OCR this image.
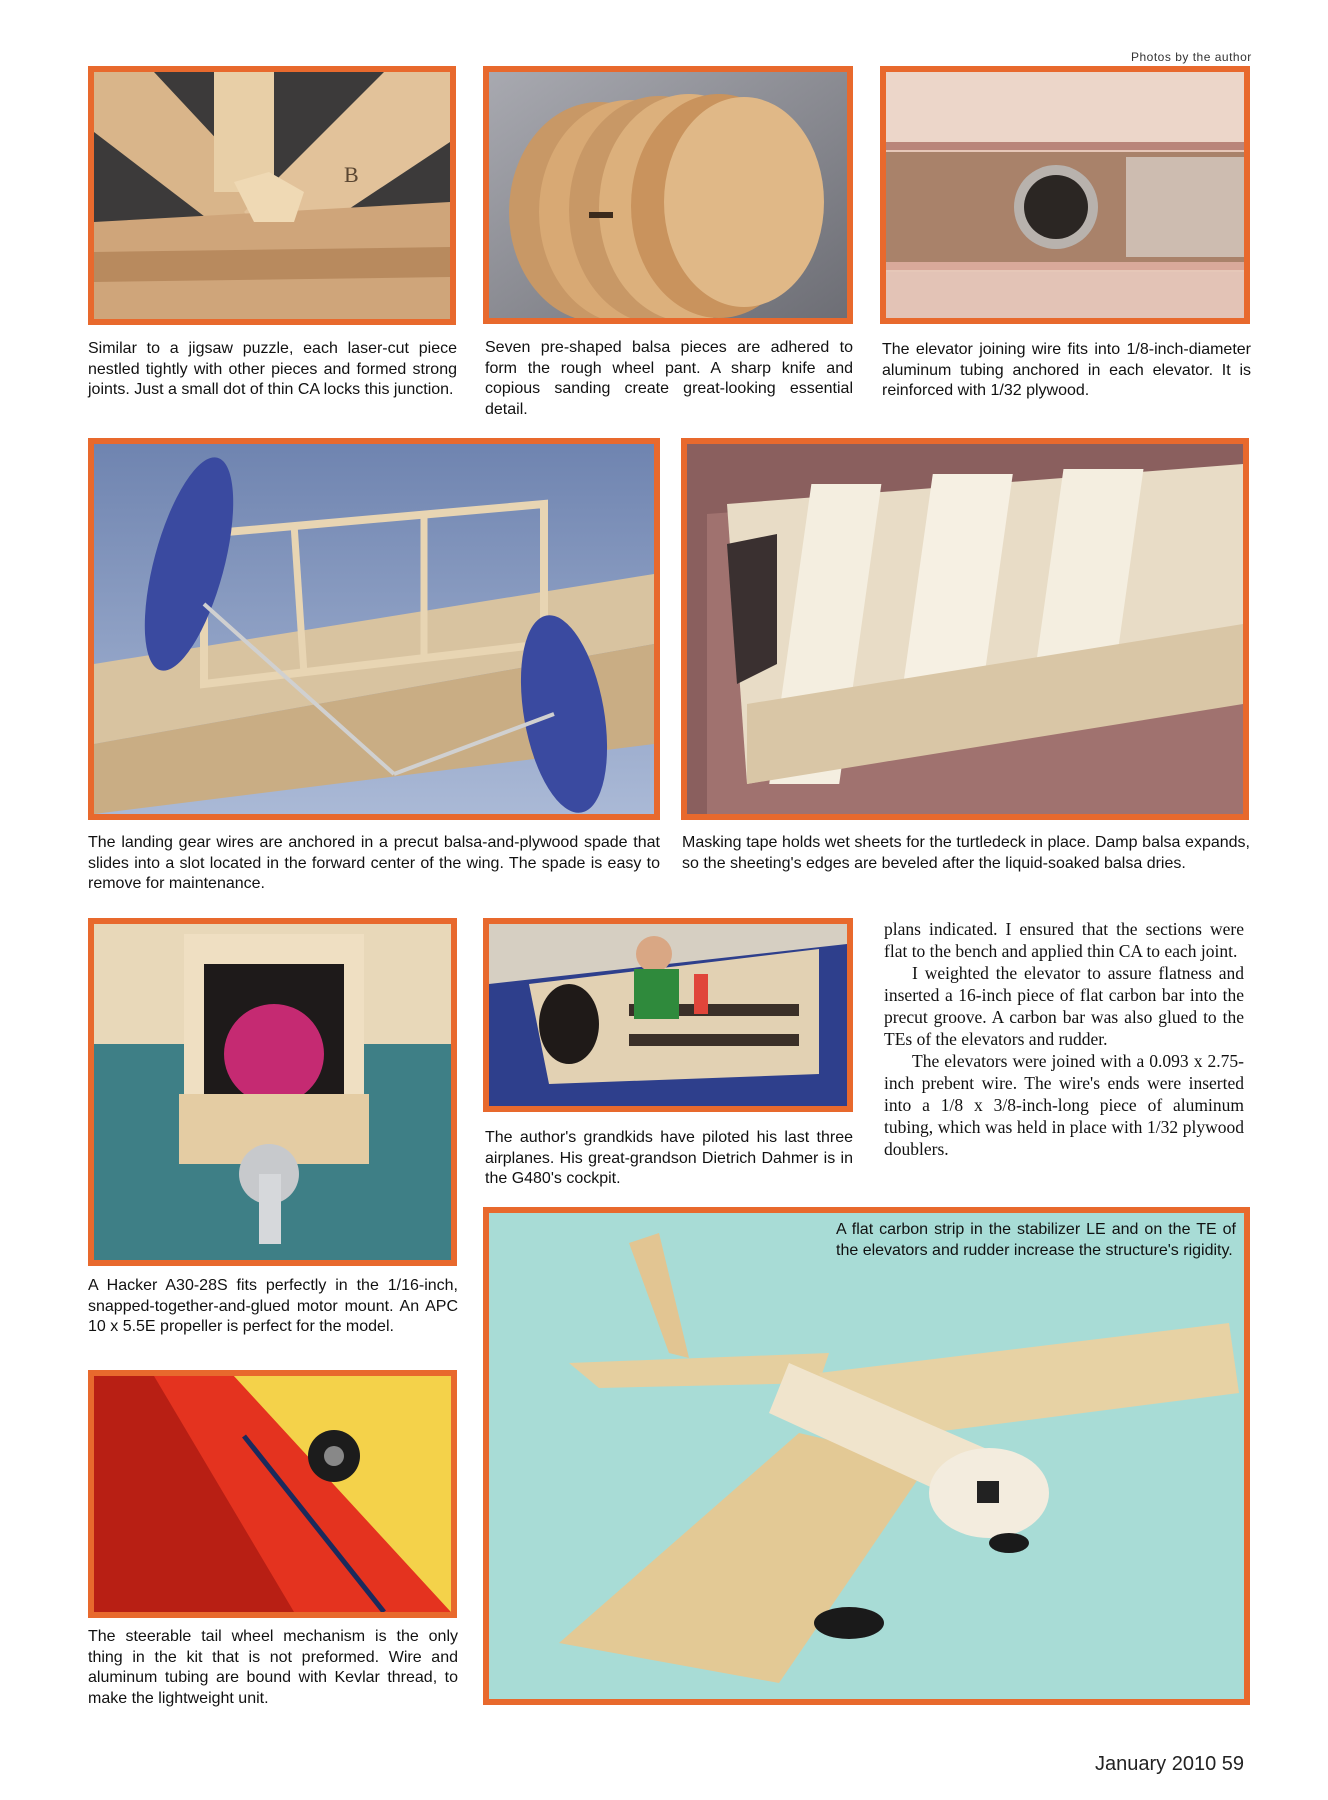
Photos by the author
B
Similar to a jigsaw puzzle, each laser-cut piece nestled tightly with other pieces and formed strong joints. Just a small dot of thin CA locks this junction.
Seven pre-shaped balsa pieces are adhered to form the rough wheel pant. A sharp knife and copious sanding create great-looking essential detail.
The elevator joining wire fits into 1/8-inch-diameter aluminum tubing anchored in each elevator. It is reinforced with 1/32 plywood.
The landing gear wires are anchored in a precut balsa-and-plywood spade that slides into a slot located in the forward center of the wing. The spade is easy to remove for maintenance.
Masking tape holds wet sheets for the turtledeck in place. Damp balsa expands, so the sheeting's edges are beveled after the liquid-soaked balsa dries.
The author's grandkids have piloted his last three airplanes. His great-grandson Dietrich Dahmer is in the G480's cockpit.

plans indicated. I ensured that the sections were flat to the bench and applied thin CA to each joint.

I weighted the elevator to assure flatness and inserted a 16-inch piece of flat carbon bar into the precut groove. A carbon bar was also glued to the TEs of the elevators and rudder.

The elevators were joined with a 0.093 x 2.75-inch prebent wire. The wire's ends were inserted into a 1/8 x 3/8-inch-long piece of aluminum tubing, which was held in place with 1/32 plywood doublers.

A Hacker A30-28S fits perfectly in the 1/16-inch, snapped-together-and-glued motor mount. An APC 10 x 5.5E propeller is perfect for the model.
A flat carbon strip in the stabilizer LE and on the TE of the elevators and rudder increase the structure's rigidity.
The steerable tail wheel mechanism is the only thing in the kit that is not preformed. Wire and aluminum tubing are bound with Kevlar thread, to make the lightweight unit.
January 2010 59
